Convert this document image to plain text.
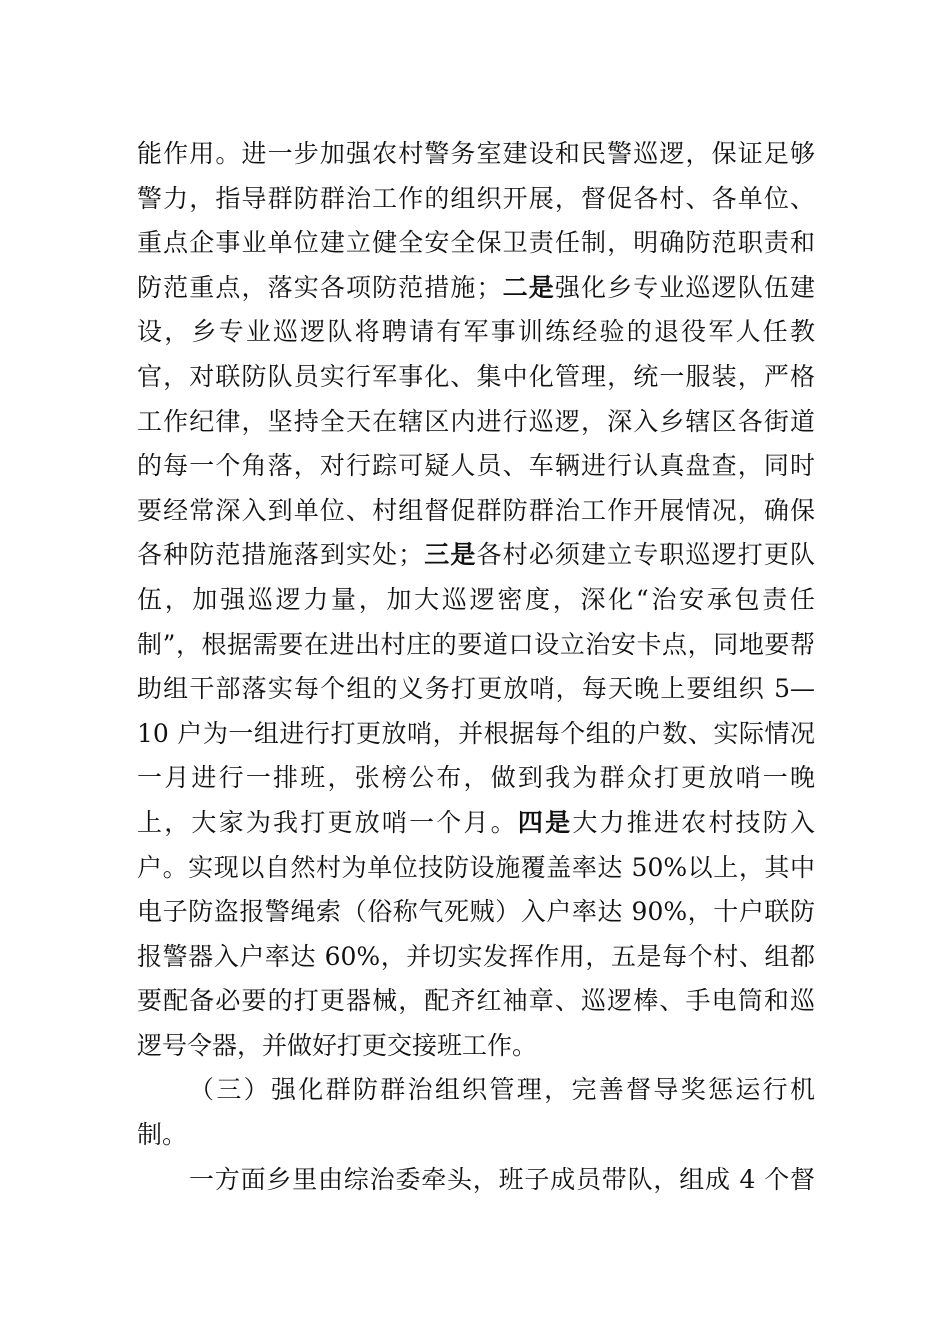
能作用。进一步加强农村警务室建设和民警巡逻，保证足够
警力，指导群防群治工作的组织开展，督促各村、各单位、
重点企事业单位建立健全安全保卫责任制，明确防范职责和
防范重点，落实各项防范措施；二是强化乡专业巡逻队伍建
设，乡专业巡逻队将聘请有军事训练经验的退役军人任教
官，对联防队员实行军事化、集中化管理，统一服装，严格
工作纪律，坚持全天在辖区内进行巡逻，深入乡辖区各街道
的每一个角落，对行踪可疑人员、车辆进行认真盘查，同时
要经常深入到单位、村组督促群防群治工作开展情况，确保
各种防范措施落到实处；三是各村必须建立专职巡逻打更队
伍，加强巡逻力量，加大巡逻密度，深化“治安承包责任
制”，根据需要在进出村庄的要道口设立治安卡点，同地要帮
助组干部落实每个组的义务打更放哨，每天晚上要组织 5—
10 户为一组进行打更放哨，并根据每个组的户数、实际情况
一月进行一排班，张榜公布，做到我为群众打更放哨一晚
上，大家为我打更放哨一个月。四是大力推进农村技防入
户。实现以自然村为单位技防设施覆盖率达 50%以上，其中
电子防盗报警绳索（俗称气死贼）入户率达 90%，十户联防
报警器入户率达 60%，并切实发挥作用，五是每个村、组都
要配备必要的打更器械，配齐红袖章、巡逻棒、手电筒和巡
逻号令器，并做好打更交接班工作。
（三）强化群防群治组织管理，完善督导奖惩运行机
制。
一方面乡里由综治委牵头，班子成员带队，组成 4 个督
